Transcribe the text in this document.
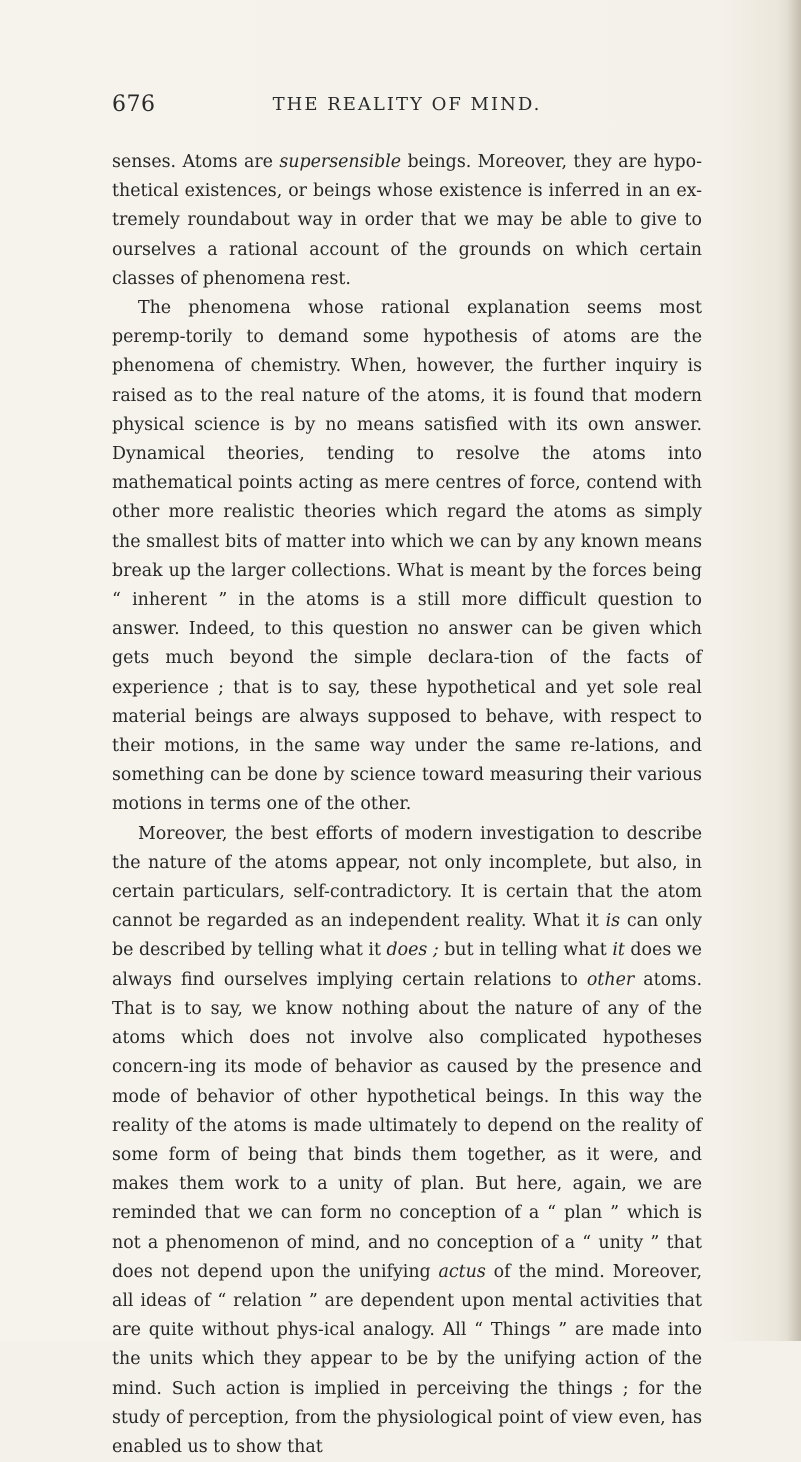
676	THE REALITY OF MIND.

senses. Atoms are supersensible beings. Moreover, they are hypo-thetical existences, or beings whose existence is inferred in an ex-tremely roundabout way in order that we may be able to give to ourselves a rational account of the grounds on which certain classes of phenomena rest.

The phenomena whose rational explanation seems most peremp-torily to demand some hypothesis of atoms are the phenomena of chemistry. When, however, the further inquiry is raised as to the real nature of the atoms, it is found that modern physical science is by no means satisfied with its own answer. Dynamical theories, tending to resolve the atoms into mathematical points acting as mere centres of force, contend with other more realistic theories which regard the atoms as simply the smallest bits of matter into which we can by any known means break up the larger collections. What is meant by the forces being “ inherent ” in the atoms is a still more difficult question to answer. Indeed, to this question no answer can be given which gets much beyond the simple declara-tion of the facts of experience ; that is to say, these hypothetical and yet sole real material beings are always supposed to behave, with respect to their motions, in the same way under the same re-lations, and something can be done by science toward measuring their various motions in terms one of the other.

Moreover, the best efforts of modern investigation to describe the nature of the atoms appear, not only incomplete, but also, in certain particulars, self-contradictory. It is certain that the atom cannot be regarded as an independent reality. What it is can only be described by telling what it does ; but in telling what it does we always find ourselves implying certain relations to other atoms. That is to say, we know nothing about the nature of any of the atoms which does not involve also complicated hypotheses concern-ing its mode of behavior as caused by the presence and mode of behavior of other hypothetical beings. In this way the reality of the atoms is made ultimately to depend on the reality of some form of being that binds them together, as it were, and makes them work to a unity of plan. But here, again, we are reminded that we can form no conception of a “ plan ” which is not a phenomenon of mind, and no conception of a “ unity ” that does not depend upon the unifying actus of the mind. Moreover, all ideas of “ relation ” are dependent upon mental activities that are quite without phys-ical analogy. All “ Things ” are made into the units which they appear to be by the unifying action of the mind. Such action is implied in perceiving the things ; for the study of perception, from the physiological point of view even, has enabled us to show that
